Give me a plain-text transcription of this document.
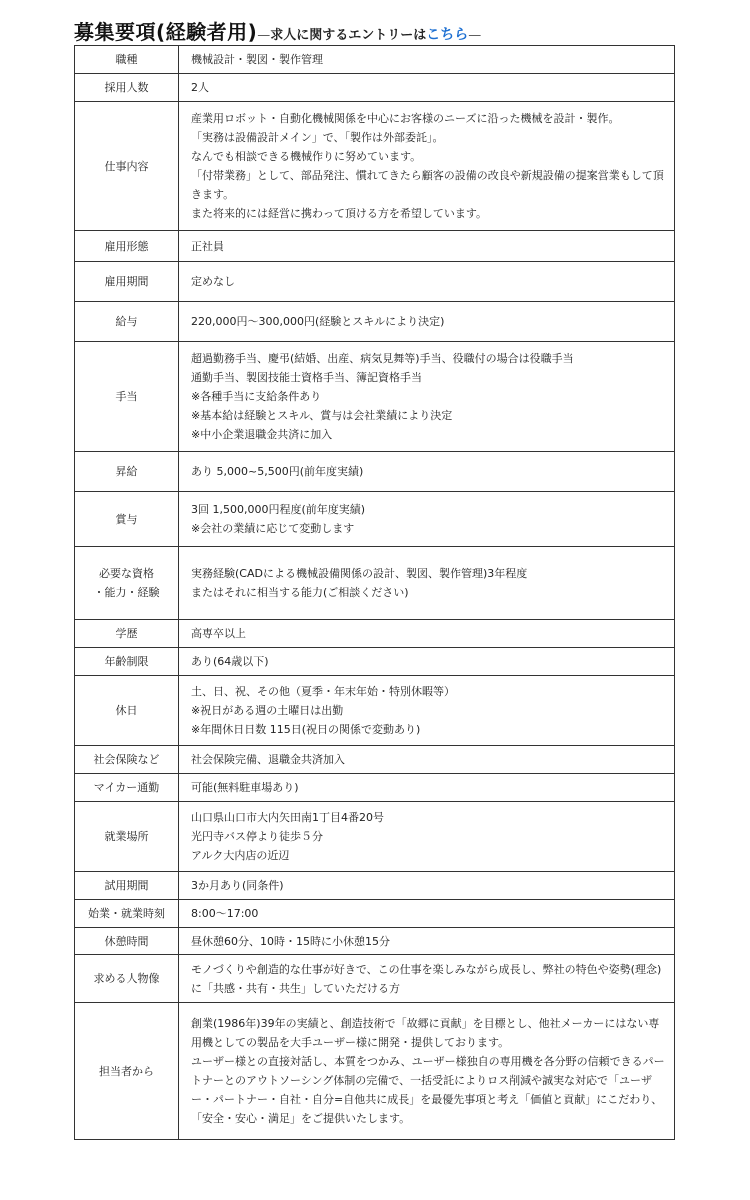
募集要項(経験者用) —求人に関するエントリーはこちら—
職種	機械設計・製図・製作管理
採用人数	2人
仕事内容	産業用ロボット・自動化機械関係を中心にお客様のニーズに沿った機械を設計・製作。
「実務は設備設計メイン」で、「製作は外部委託」。
なんでも相談できる機械作りに努めています。
「付帯業務」として、部品発注、慣れてきたら顧客の設備の改良や新規設備の提案営業もして頂きます。
また将来的には経営に携わって頂ける方を希望しています。
雇用形態	正社員
雇用期間	定めなし
給与	220,000円〜300,000円(経験とスキルにより決定)
手当	超過勤務手当、慶弔(結婚、出産、病気見舞等)手当、役職付の場合は役職手当
通勤手当、製図技能士資格手当、簿記資格手当
※各種手当に支給条件あり
※基本給は経験とスキル、賞与は会社業績により決定
※中小企業退職金共済に加入
昇給	あり 5,000~5,500円(前年度実績)
賞与	3回 1,500,000円程度(前年度実績)
※会社の業績に応じて変動します
必要な資格
・能力・経験	実務経験(CADによる機械設備関係の設計、製図、製作管理)3年程度
またはそれに相当する能力(ご相談ください)
学歴	高専卒以上
年齢制限	あり(64歳以下)
休日	土、日、祝、その他（夏季・年末年始・特別休暇等）
※祝日がある週の土曜日は出勤
※年間休日日数 115日(祝日の関係で変動あり)
社会保険など	社会保険完備、退職金共済加入
マイカー通勤	可能(無料駐車場あり)
就業場所	山口県山口市大内矢田南1丁目4番20号
光円寺バス停より徒歩５分
アルク大内店の近辺
試用期間	3か月あり(同条件)
始業・就業時刻	8:00〜17:00
休憩時間	昼休憩60分、10時・15時に小休憩15分
求める人物像	モノづくりや創造的な仕事が好きで、この仕事を楽しみながら成長し、弊社の特色や姿勢(理念)に「共感・共有・共生」していただける方
担当者から	創業(1986年)39年の実績と、創造技術で「故郷に貢献」を目標とし、他社メーカーにはない専用機としての製品を大手ユーザー様に開発・提供しております。
ユーザー様との直接対話し、本質をつかみ、ユーザー様独自の専用機を各分野の信頼できるパートナーとのアウトソーシング体制の完備で、一括受託によりロス削減や誠実な対応で「ユーザー・パートナー・自社・自分=自他共に成長」を最優先事項と考え「価値と貢献」にこだわり、「安全・安心・満足」をご提供いたします。
